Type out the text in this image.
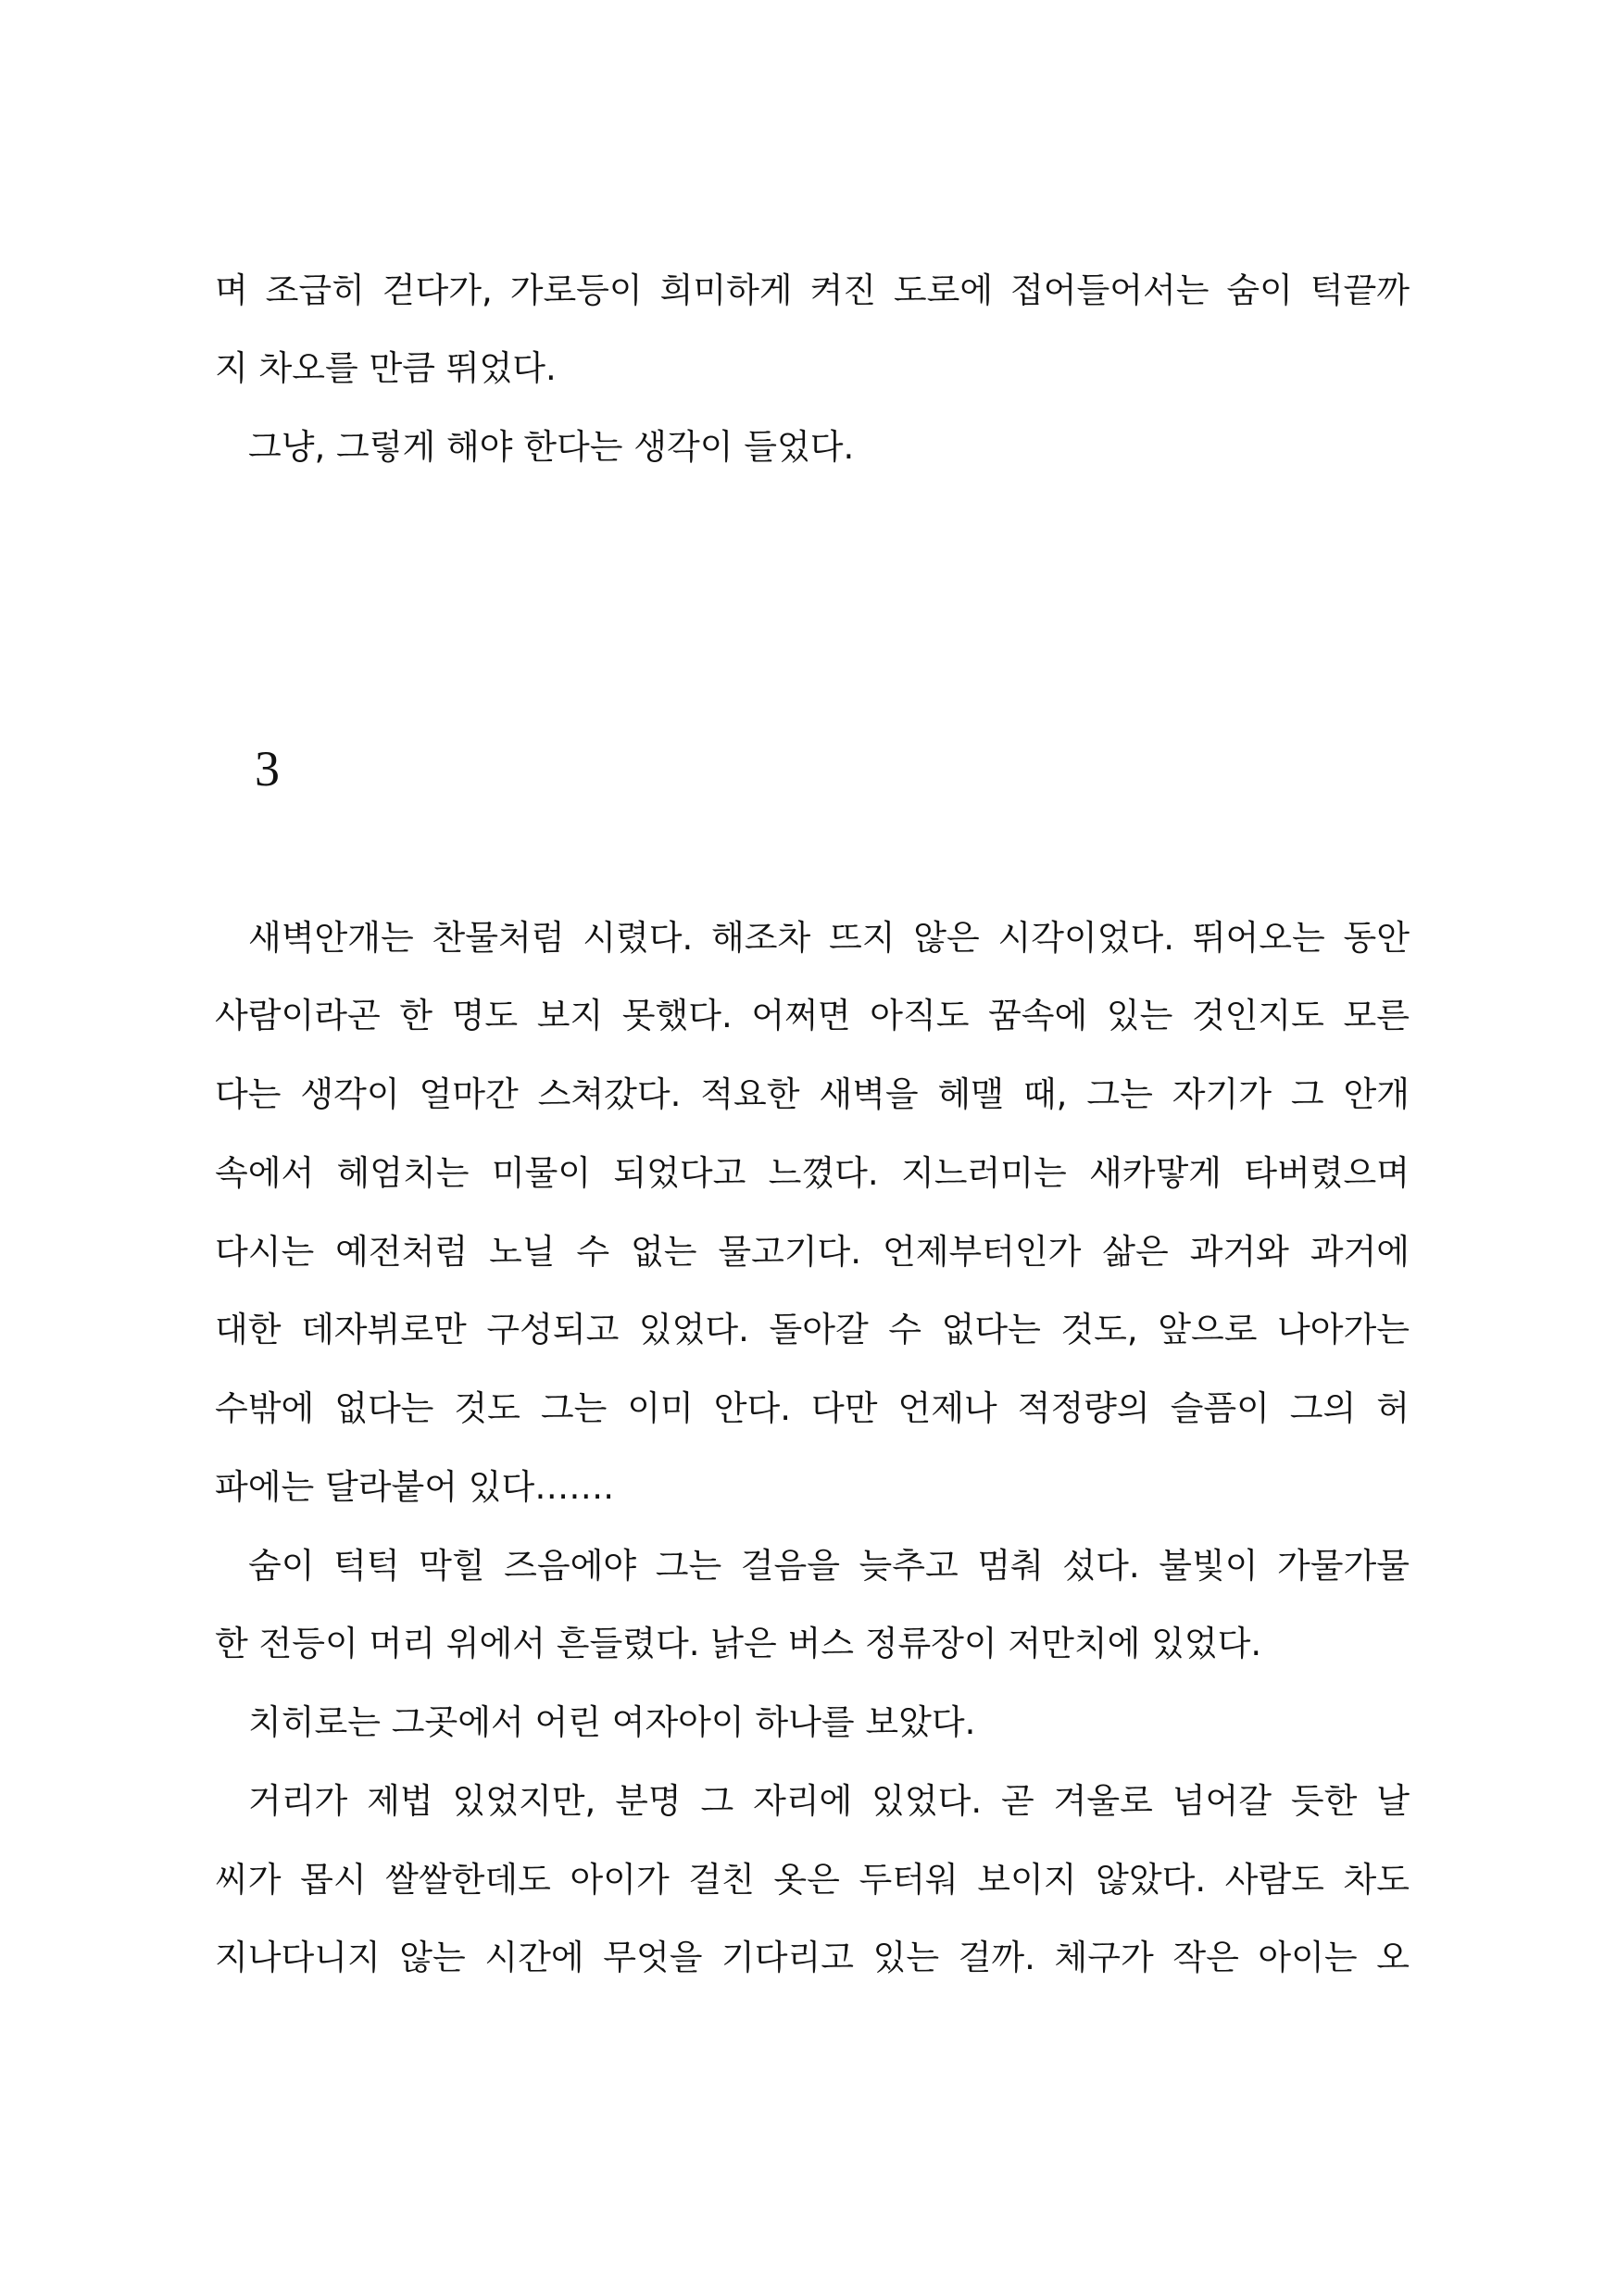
며 조급히 걷다가, 가로등이 희미하게 켜진 도로에 접어들어서는 숨이 턱끝까
지 차오를 만큼 뛰었다.
그냥, 그렇게 해야 한다는 생각이 들었다.
3
새벽안개는 찬물처럼 시렸다. 해조차 뜨지 않은 시각이었다. 뛰어오는 동안
사람이라곤 한 명도 보지 못했다. 어쩌면 아직도 꿈속에 있는 것인지도 모른
다는 생각이 얼마간 스쳐갔다. 적요한 새벽을 헤맬 때, 그는 자기가 그 안개
속에서 헤엄치는 미물이 되었다고 느꼈다. 지느러미는 새카맣게 타버렸으며
다시는 예전처럼 노닐 수 없는 물고기다. 언제부터인가 삶은 과거와 과거에
대한 데자뷔로만 구성되고 있었다. 돌아갈 수 없다는 것도, 앞으로 나아가는
수밖에 없다는 것도 그는 이미 안다. 다만 언제나 적정량의 슬픔이 그의 허
파에는 달라붙어 있다…….
숨이 턱턱 막힐 즈음에야 그는 걸음을 늦추고 멈춰 섰다. 불빛이 가물가물
한 전등이 머리 위에서 흔들렸다. 낡은 버스 정류장이 저만치에 있었다.
치히로는 그곳에서 어린 여자아이 하나를 보았다.
거리가 제법 있었지만, 분명 그 자리에 있었다. 곧 겨울로 넘어갈 듯한 날
씨가 몹시 쌀쌀한데도 아이가 걸친 옷은 두터워 보이지 않았다. 사람도 차도
지나다니지 않는 시간에 무엇을 기다리고 있는 걸까. 체구가 작은 아이는 오
